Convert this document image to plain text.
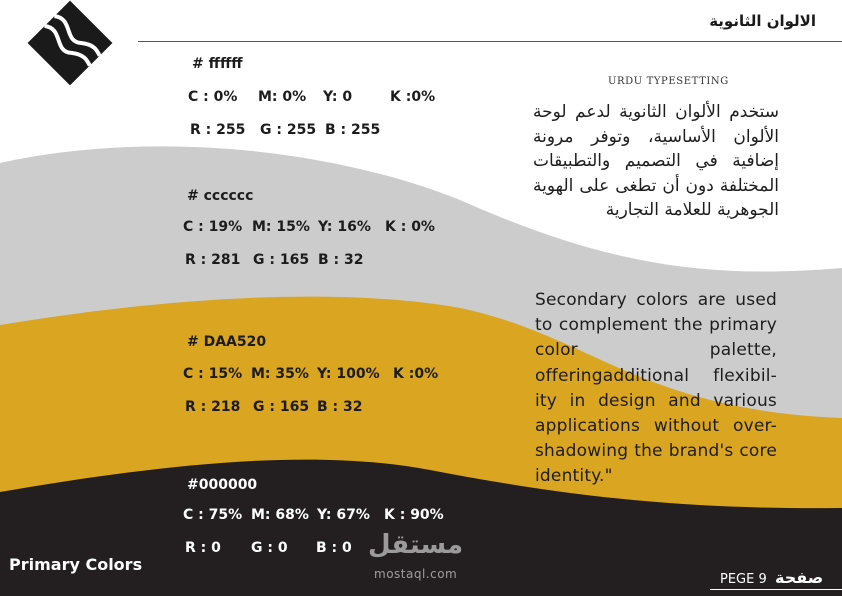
الالوان الثانوية
# ffffff
C : 0% M: 0% Y: 0	K :0%
R : 255 G : 255 B : 255
# cccccc
C : 19% M: 15% Y: 16% K : 0%
R : 281 G : 165 B : 32
# DAA520
C : 15% M: 35% Y: 100% K :0%
R : 218 G : 165 B : 32
#000000
C : 75% M: 68% Y: 67% K : 90%
R : 0 G : 0 B : 0
URDU TYPESETTING
ستخدم الألوان الثانوية لدعم لوحة الألوان الأساسية، وتوفر مرونة إضافية في التصميم والتطبيقات المختلفة دون أن تطغى على الهوية الجوهرية للعلامة التجارية
Secondary colors are used to complement the primary color palette, offeringadditional flexibil-ity in design and various applications without over-shadowing the brand's core identity."
Primary Colors
مستقل
mostaql.com	PEGE 9 صفحة
